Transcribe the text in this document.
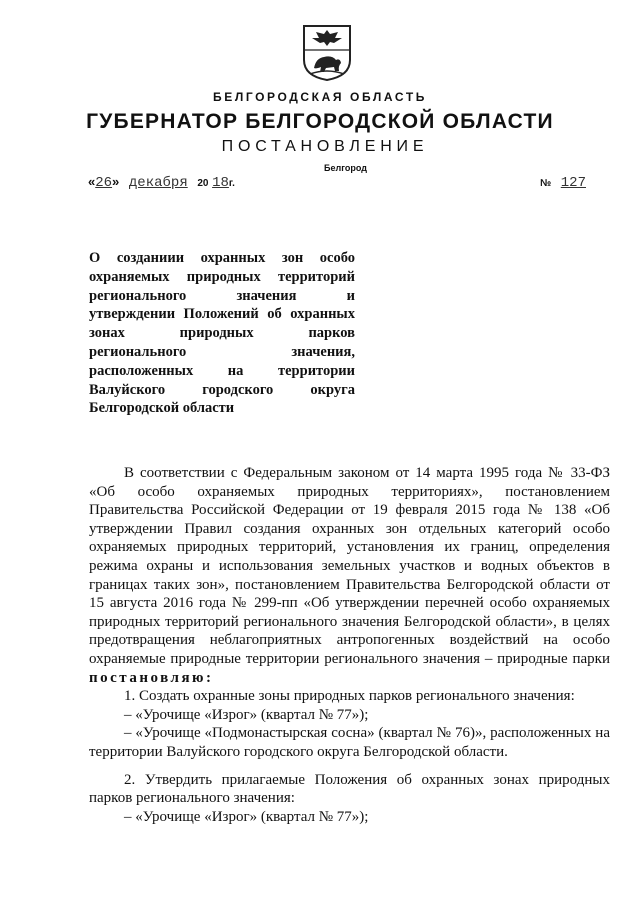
БЕЛГОРОДСКАЯ ОБЛАСТЬ
ГУБЕРНАТОР БЕЛГОРОДСКОЙ ОБЛАСТИ
ПОСТАНОВЛЕНИЕ
Белгород
«26» декабря 20 18г.	№ 127
О созданиии охранных зон особо
охраняемых природных территорий
регионального значения и
утверждении Положений об охранных
зонах природных парков
регионального значения,
расположенных на территории
Валуйского городского округа
Белгородской области

В соответствии с Федеральным законом от 14 марта 1995 года № 33-ФЗ «Об особо охраняемых природных территориях», постановлением Правительства Российской Федерации от 19 февраля 2015 года № 138 «Об утверждении Правил создания охранных зон отдельных категорий особо охраняемых природных территорий, установления их границ, определения режима охраны и использования земельных участков и водных объектов в границах таких зон», постановлением Правительства Белгородской области от 15 августа 2016 года № 299-пп «Об утверждении перечней особо охраняемых природных территорий регионального значения Белгородской области», в целях предотвращения неблагоприятных антропогенных воздействий на особо охраняемые природные территории регионального значения – природные парки постановляю:

1. Создать охранные зоны природных парков регионального значения:

– «Урочище «Изрог» (квартал № 77»);

– «Урочище «Подмонастырская сосна» (квартал № 76)», расположенных на территории Валуйского городского округа Белгородской области.

2. Утвердить прилагаемые Положения об охранных зонах природных парков регионального значения:

– «Урочище «Изрог» (квартал № 77»);
